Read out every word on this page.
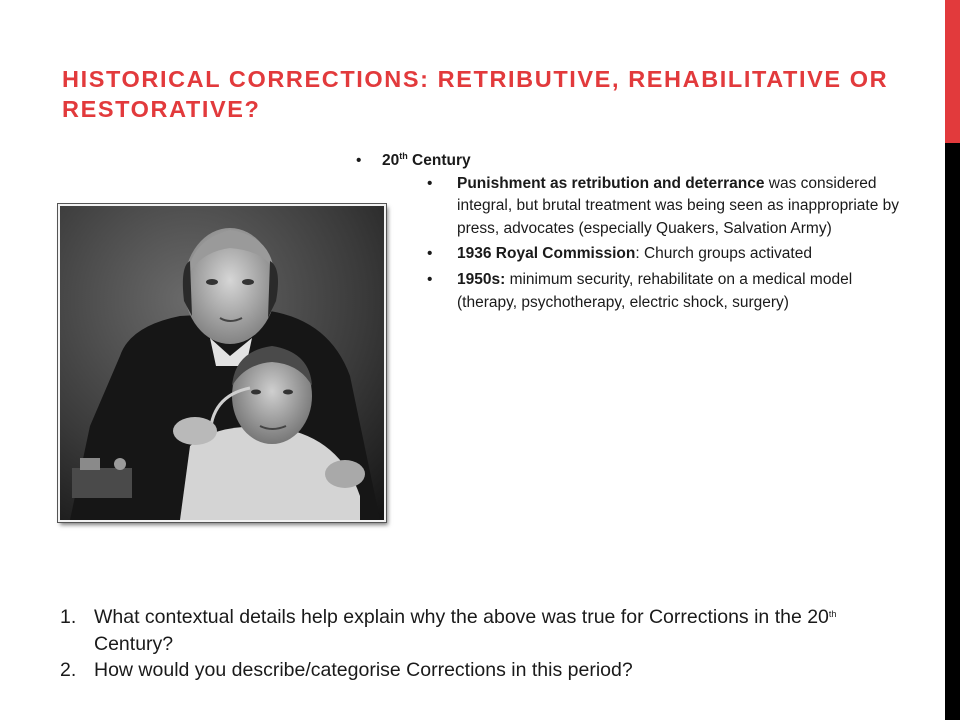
HISTORICAL CORRECTIONS: RETRIBUTIVE, REHABILITATIVE OR RESTORATIVE?
• 20th Century
• Punishment as retribution and deterrance was considered integral, but brutal treatment was being seen as inappropriate by press, advocates (especially Quakers, Salvation Army)
• 1936 Royal Commission: Church groups activated
• 1950s: minimum security, rehabilitate on a medical model (therapy, psychotherapy, electric shock, surgery)
1. What contextual details help explain why the above was true for Corrections in the 20th Century?
2. How would you describe/categorise Corrections in this period?
